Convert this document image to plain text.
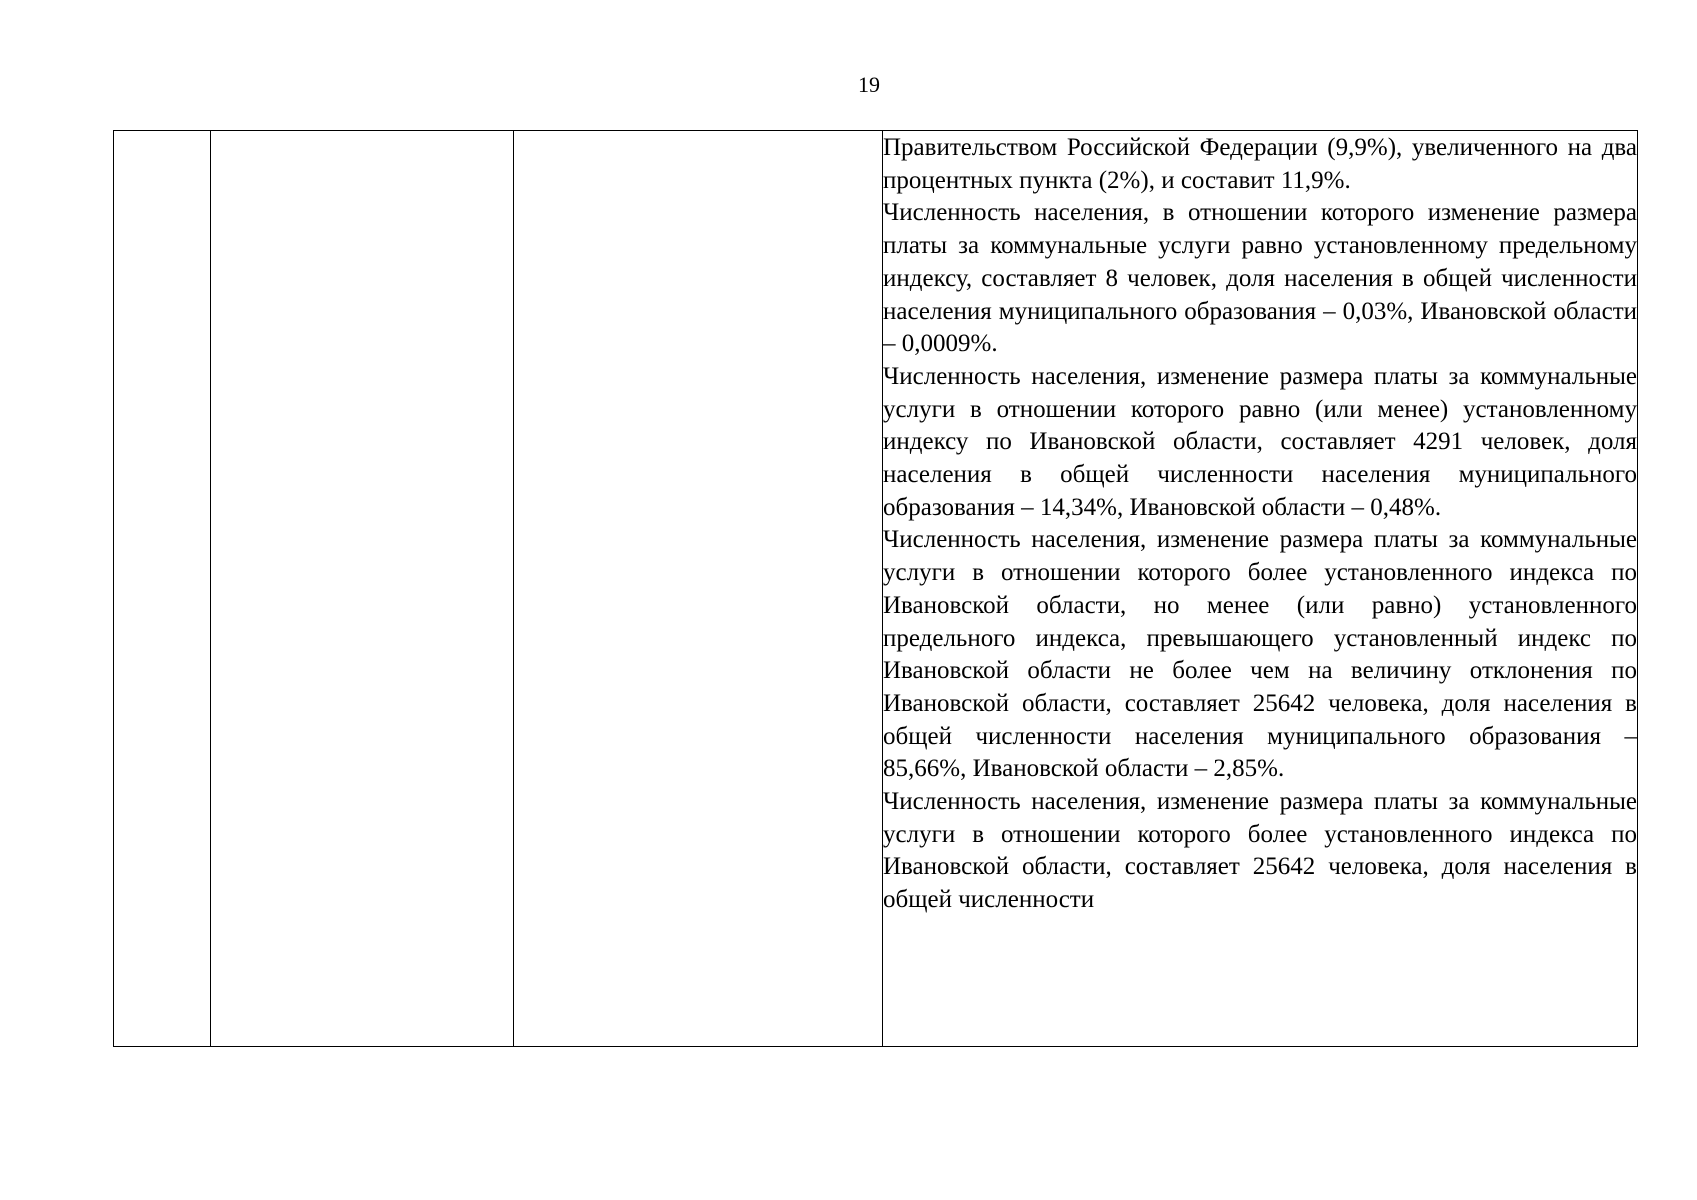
19

Правительством Российской Федерации (9,9%), увеличенного на два процентных пункта (2%), и составит 11,9%.

Численность населения, в отношении которого изменение размера платы за коммунальные услуги равно установленному предельному индексу, составляет 8 человек, доля населения в общей численности населения муниципального образования – 0,03%, Ивановской области – 0,0009%.

Численность населения, изменение размера платы за коммунальные услуги в отношении которого равно (или менее) установленному индексу по Ивановской области, составляет 4291 человек, доля населения в общей численности населения муниципального образования – 14,34%, Ивановской области – 0,48%.

Численность населения, изменение размера платы за коммунальные услуги в отношении которого более установленного индекса по Ивановской области, но менее (или равно) установленного предельного индекса, превышающего установленный индекс по Ивановской области не более чем на величину отклонения по Ивановской области, составляет 25642 человека, доля населения в общей численности населения муниципального образования – 85,66%, Ивановской области – 2,85%.

Численность населения, изменение размера платы за коммунальные услуги в отношении которого более установленного индекса по Ивановской области, составляет 25642 человека, доля населения в общей численности
